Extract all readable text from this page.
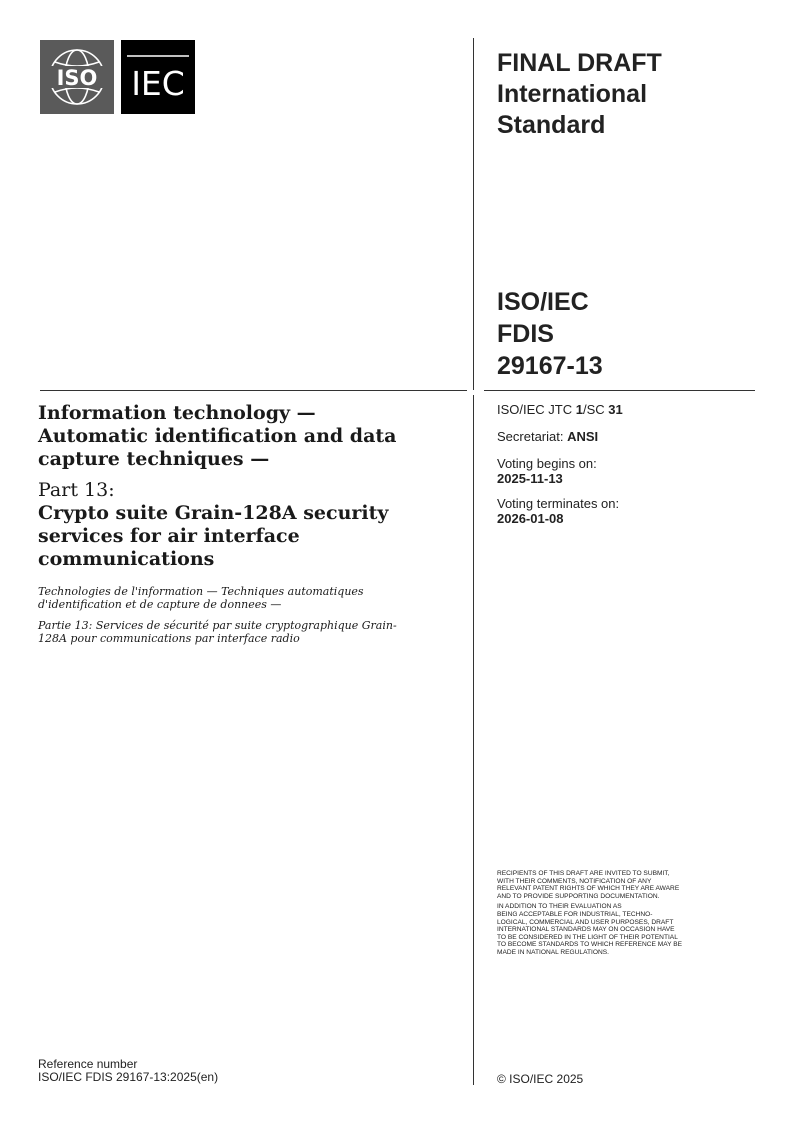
ISO IEC
FINAL DRAFT
International
Standard
ISO/IEC
FDIS
29167-13

ISO/IEC JTC 1/SC 31

Secretariat: ANSI

Voting begins on:
2025-11-13

Voting terminates on:
2026-01-08

Information technology —
Automatic identification and data
capture techniques —

Part 13:

Crypto suite Grain-128A security
services for air interface
communications

Technologies de l'information — Techniques automatiques
d'identification et de capture de donnees —

Partie 13: Services de sécurité par suite cryptographique Grain-
128A pour communications par interface radio

RECIPIENTS OF THIS DRAFT ARE INVITED TO SUBMIT,
WITH THEIR COMMENTS, NOTIFICATION OF ANY
RELEVANT PATENT RIGHTS OF WHICH THEY ARE AWARE
AND TO PROVIDE SUPPORTING DOCUMENTATION.

IN ADDITION TO THEIR EVALUATION AS
BEING ACCEPTABLE FOR INDUSTRIAL, TECHNO-
LOGICAL, COMMERCIAL AND USER PURPOSES, DRAFT
INTERNATIONAL STANDARDS MAY ON OCCASION HAVE
TO BE CONSIDERED IN THE LIGHT OF THEIR POTENTIAL
TO BECOME STANDARDS TO WHICH REFERENCE MAY BE
MADE IN NATIONAL REGULATIONS.

Reference number
ISO/IEC FDIS 29167-13:2025(en)	© ISO/IEC 2025
